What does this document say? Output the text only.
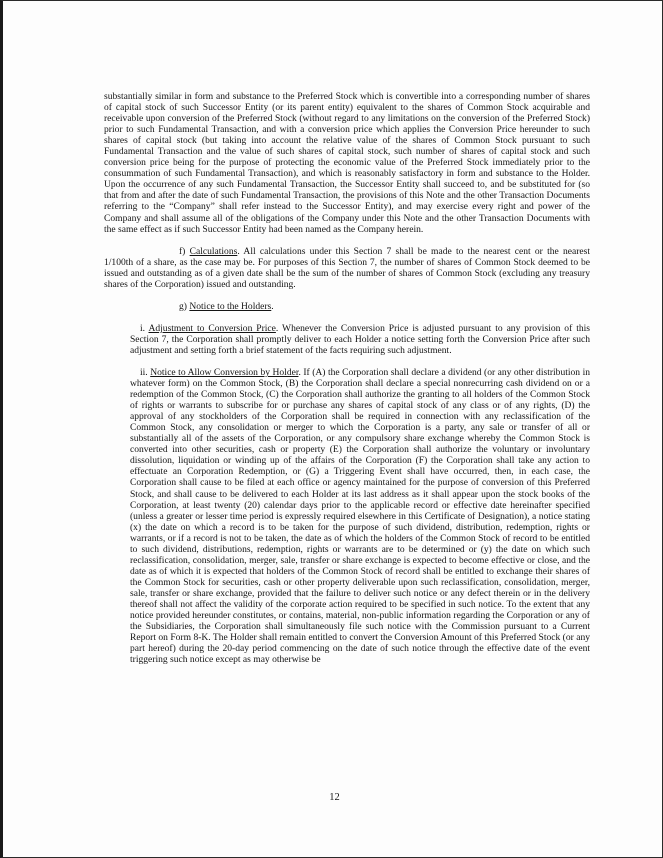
substantially similar in form and substance to the Preferred Stock which is convertible into a corresponding number of shares of capital stock of such Successor Entity (or its parent entity) equivalent to the shares of Common Stock acquirable and receivable upon conversion of the Preferred Stock (without regard to any limitations on the conversion of the Preferred Stock) prior to such Fundamental Transaction, and with a conversion price which applies the Conversion Price hereunder to such shares of capital stock (but taking into account the relative value of the shares of Common Stock pursuant to such Fundamental Transaction and the value of such shares of capital stock, such number of shares of capital stock and such conversion price being for the purpose of protecting the economic value of the Preferred Stock immediately prior to the consummation of such Fundamental Transaction), and which is reasonably satisfactory in form and substance to the Holder. Upon the occurrence of any such Fundamental Transaction, the Successor Entity shall succeed to, and be substituted for (so that from and after the date of such Fundamental Transaction, the provisions of this Note and the other Transaction Documents referring to the “Company” shall refer instead to the Successor Entity), and may exercise every right and power of the Company and shall assume all of the obligations of the Company under this Note and the other Transaction Documents with the same effect as if such Successor Entity had been named as the Company herein.

f) Calculations. All calculations under this Section 7 shall be made to the nearest cent or the nearest 1/100th of a share, as the case may be. For purposes of this Section 7, the number of shares of Common Stock deemed to be issued and outstanding as of a given date shall be the sum of the number of shares of Common Stock (excluding any treasury shares of the Corporation) issued and outstanding.

g) Notice to the Holders.

i. Adjustment to Conversion Price. Whenever the Conversion Price is adjusted pursuant to any provision of this Section 7, the Corporation shall promptly deliver to each Holder a notice setting forth the Conversion Price after such adjustment and setting forth a brief statement of the facts requiring such adjustment.

ii. Notice to Allow Conversion by Holder. If (A) the Corporation shall declare a dividend (or any other distribution in whatever form) on the Common Stock, (B) the Corporation shall declare a special nonrecurring cash dividend on or a redemption of the Common Stock, (C) the Corporation shall authorize the granting to all holders of the Common Stock of rights or warrants to subscribe for or purchase any shares of capital stock of any class or of any rights, (D) the approval of any stockholders of the Corporation shall be required in connection with any reclassification of the Common Stock, any consolidation or merger to which the Corporation is a party, any sale or transfer of all or substantially all of the assets of the Corporation, or any compulsory share exchange whereby the Common Stock is converted into other securities, cash or property (E) the Corporation shall authorize the voluntary or involuntary dissolution, liquidation or winding up of the affairs of the Corporation (F) the Corporation shall take any action to effectuate an Corporation Redemption, or (G) a Triggering Event shall have occurred, then, in each case, the Corporation shall cause to be filed at each office or agency maintained for the purpose of conversion of this Preferred Stock, and shall cause to be delivered to each Holder at its last address as it shall appear upon the stock books of the Corporation, at least twenty (20) calendar days prior to the applicable record or effective date hereinafter specified (unless a greater or lesser time period is expressly required elsewhere in this Certificate of Designation), a notice stating (x) the date on which a record is to be taken for the purpose of such dividend, distribution, redemption, rights or warrants, or if a record is not to be taken, the date as of which the holders of the Common Stock of record to be entitled to such dividend, distributions, redemption, rights or warrants are to be determined or (y) the date on which such reclassification, consolidation, merger, sale, transfer or share exchange is expected to become effective or close, and the date as of which it is expected that holders of the Common Stock of record shall be entitled to exchange their shares of the Common Stock for securities, cash or other property deliverable upon such reclassification, consolidation, merger, sale, transfer or share exchange, provided that the failure to deliver such notice or any defect therein or in the delivery thereof shall not affect the validity of the corporate action required to be specified in such notice. To the extent that any notice provided hereunder constitutes, or contains, material, non-public information regarding the Corporation or any of the Subsidiaries, the Corporation shall simultaneously file such notice with the Commission pursuant to a Current Report on Form 8-K. The Holder shall remain entitled to convert the Conversion Amount of this Preferred Stock (or any part hereof) during the 20-day period commencing on the date of such notice through the effective date of the event triggering such notice except as may otherwise be

12
